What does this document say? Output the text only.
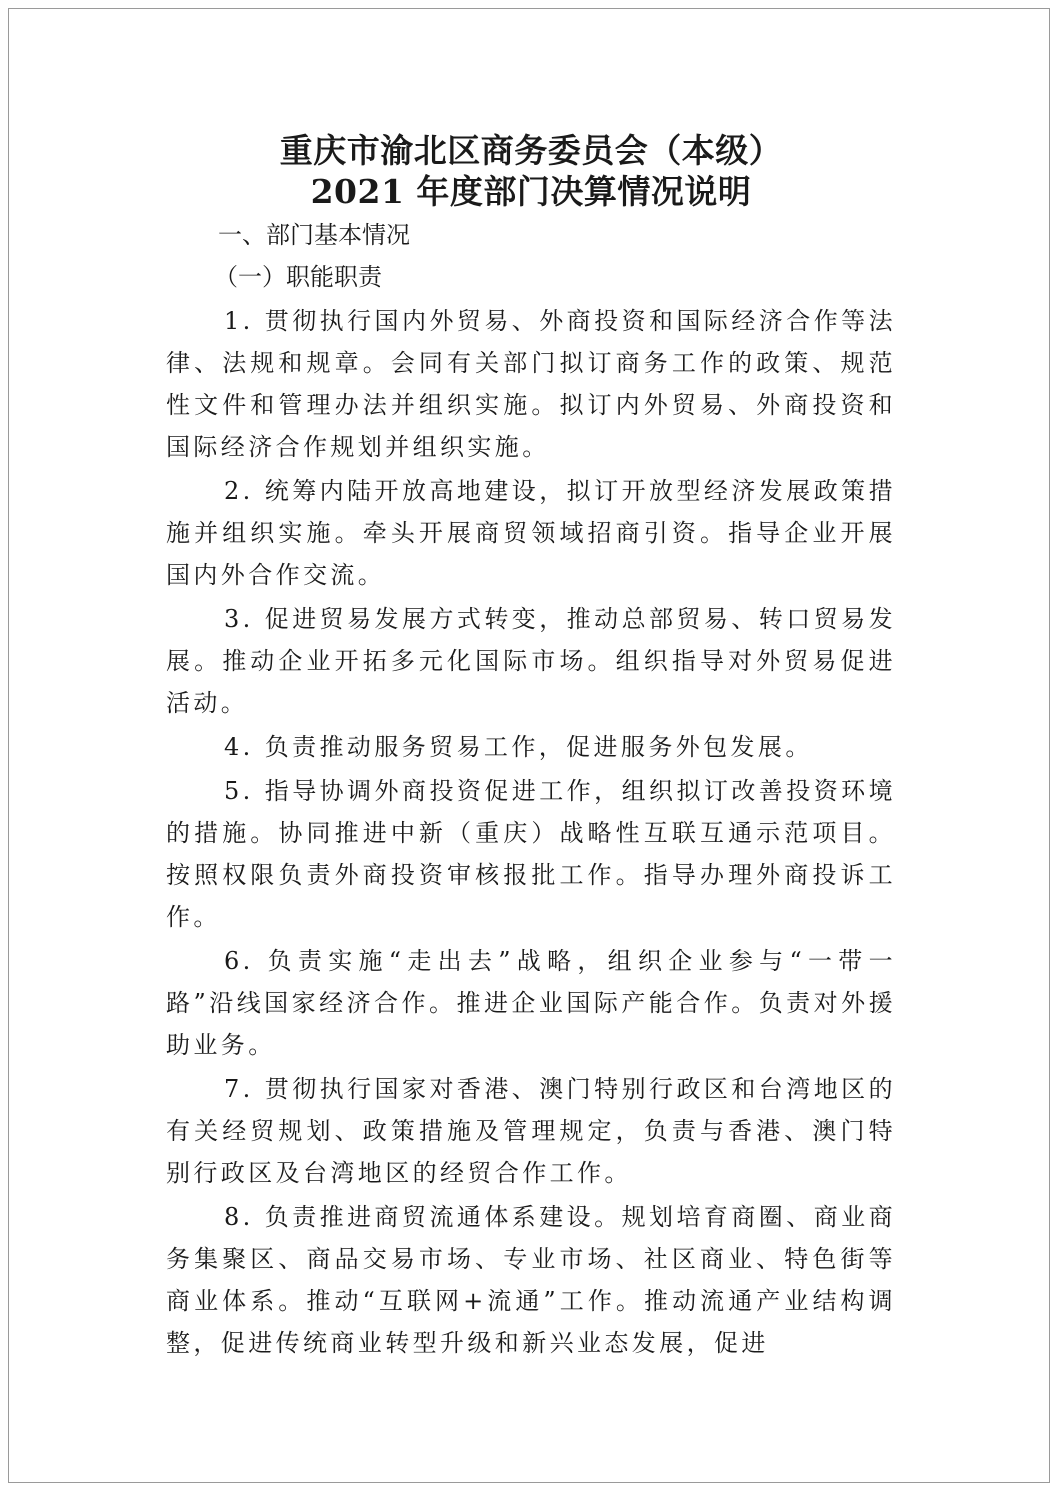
重庆市渝北区商务委员会（本级）
2021 年度部门决算情况说明
一、部门基本情况
（一）职能职责

1. 贯彻执行国内外贸易、外商投资和国际经济合作等法律、法规和规章。会同有关部门拟订商务工作的政策、规范性文件和管理办法并组织实施。拟订内外贸易、外商投资和国际经济合作规划并组织实施。

2. 统筹内陆开放高地建设，拟订开放型经济发展政策措施并组织实施。牵头开展商贸领域招商引资。指导企业开展国内外合作交流。

3. 促进贸易发展方式转变，推动总部贸易、转口贸易发展。推动企业开拓多元化国际市场。组织指导对外贸易促进活动。

4. 负责推动服务贸易工作，促进服务外包发展。

5. 指导协调外商投资促进工作，组织拟订改善投资环境的措施。协同推进中新（重庆）战略性互联互通示范项目。按照权限负责外商投资审核报批工作。指导办理外商投诉工作。

6. 负责实施“走出去”战略，组织企业参与“一带一路”沿线国家经济合作。推进企业国际产能合作。负责对外援助业务。

7. 贯彻执行国家对香港、澳门特别行政区和台湾地区的有关经贸规划、政策措施及管理规定，负责与香港、澳门特别行政区及台湾地区的经贸合作工作。

8. 负责推进商贸流通体系建设。规划培育商圈、商业商务集聚区、商品交易市场、专业市场、社区商业、特色街等商业体系。推动“互联网+流通”工作。推动流通产业结构调整，促进传统商业转型升级和新兴业态发展，促进
